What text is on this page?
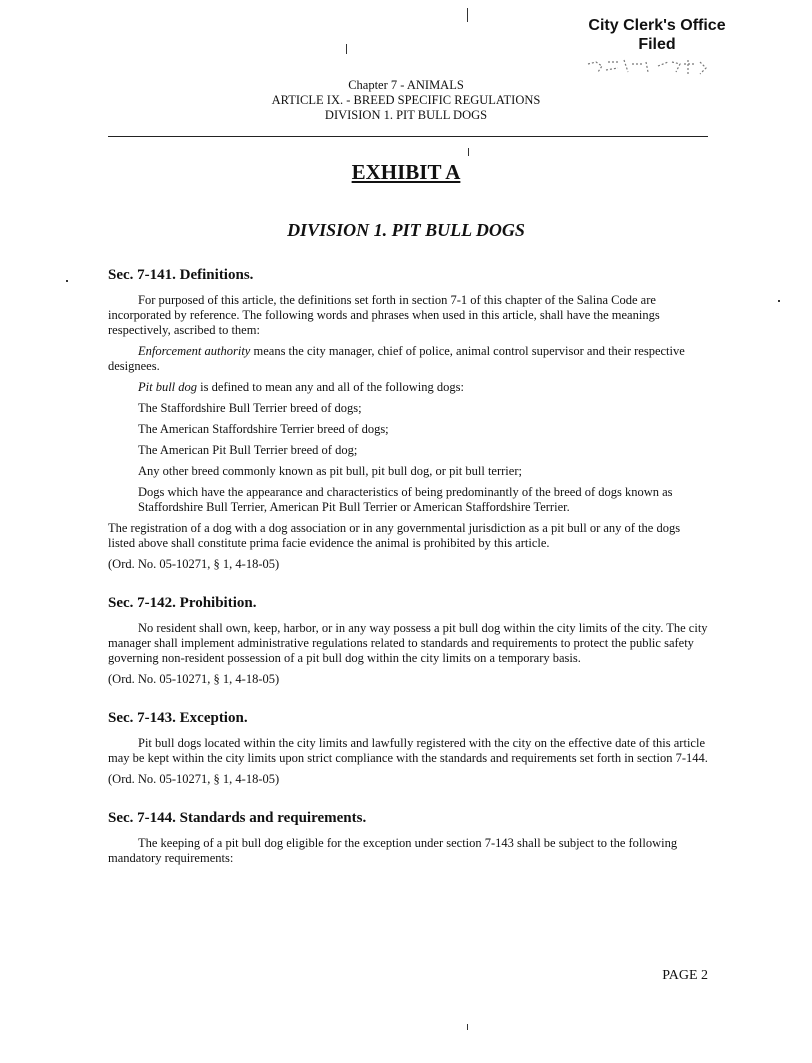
City Clerk's Office
Filed
Chapter 7 - ANIMALS
ARTICLE IX. - BREED SPECIFIC REGULATIONS
DIVISION 1. PIT BULL DOGS
EXHIBIT A
DIVISION 1. PIT BULL DOGS
Sec. 7-141. Definitions.

For purposed of this article, the definitions set forth in section 7-1 of this chapter of the Salina Code are incorporated by reference. The following words and phrases when used in this article, shall have the meanings respectively, ascribed to them:

Enforcement authority means the city manager, chief of police, animal control supervisor and their respective designees.

Pit bull dog is defined to mean any and all of the following dogs:

The Staffordshire Bull Terrier breed of dogs;

The American Staffordshire Terrier breed of dogs;

The American Pit Bull Terrier breed of dog;

Any other breed commonly known as pit bull, pit bull dog, or pit bull terrier;

Dogs which have the appearance and characteristics of being predominantly of the breed of dogs known as Staffordshire Bull Terrier, American Pit Bull Terrier or American Staffordshire Terrier.

The registration of a dog with a dog association or in any governmental jurisdiction as a pit bull or any of the dogs listed above shall constitute prima facie evidence the animal is prohibited by this article.

(Ord. No. 05-10271, § 1, 4-18-05)

Sec. 7-142. Prohibition.

No resident shall own, keep, harbor, or in any way possess a pit bull dog within the city limits of the city. The city manager shall implement administrative regulations related to standards and requirements to protect the public safety governing non-resident possession of a pit bull dog within the city limits on a temporary basis.

(Ord. No. 05-10271, § 1, 4-18-05)

Sec. 7-143. Exception.

Pit bull dogs located within the city limits and lawfully registered with the city on the effective date of this article may be kept within the city limits upon strict compliance with the standards and requirements set forth in section 7-144.

(Ord. No. 05-10271, § 1, 4-18-05)

Sec. 7-144. Standards and requirements.

The keeping of a pit bull dog eligible for the exception under section 7-143 shall be subject to the following mandatory requirements:

PAGE 2
